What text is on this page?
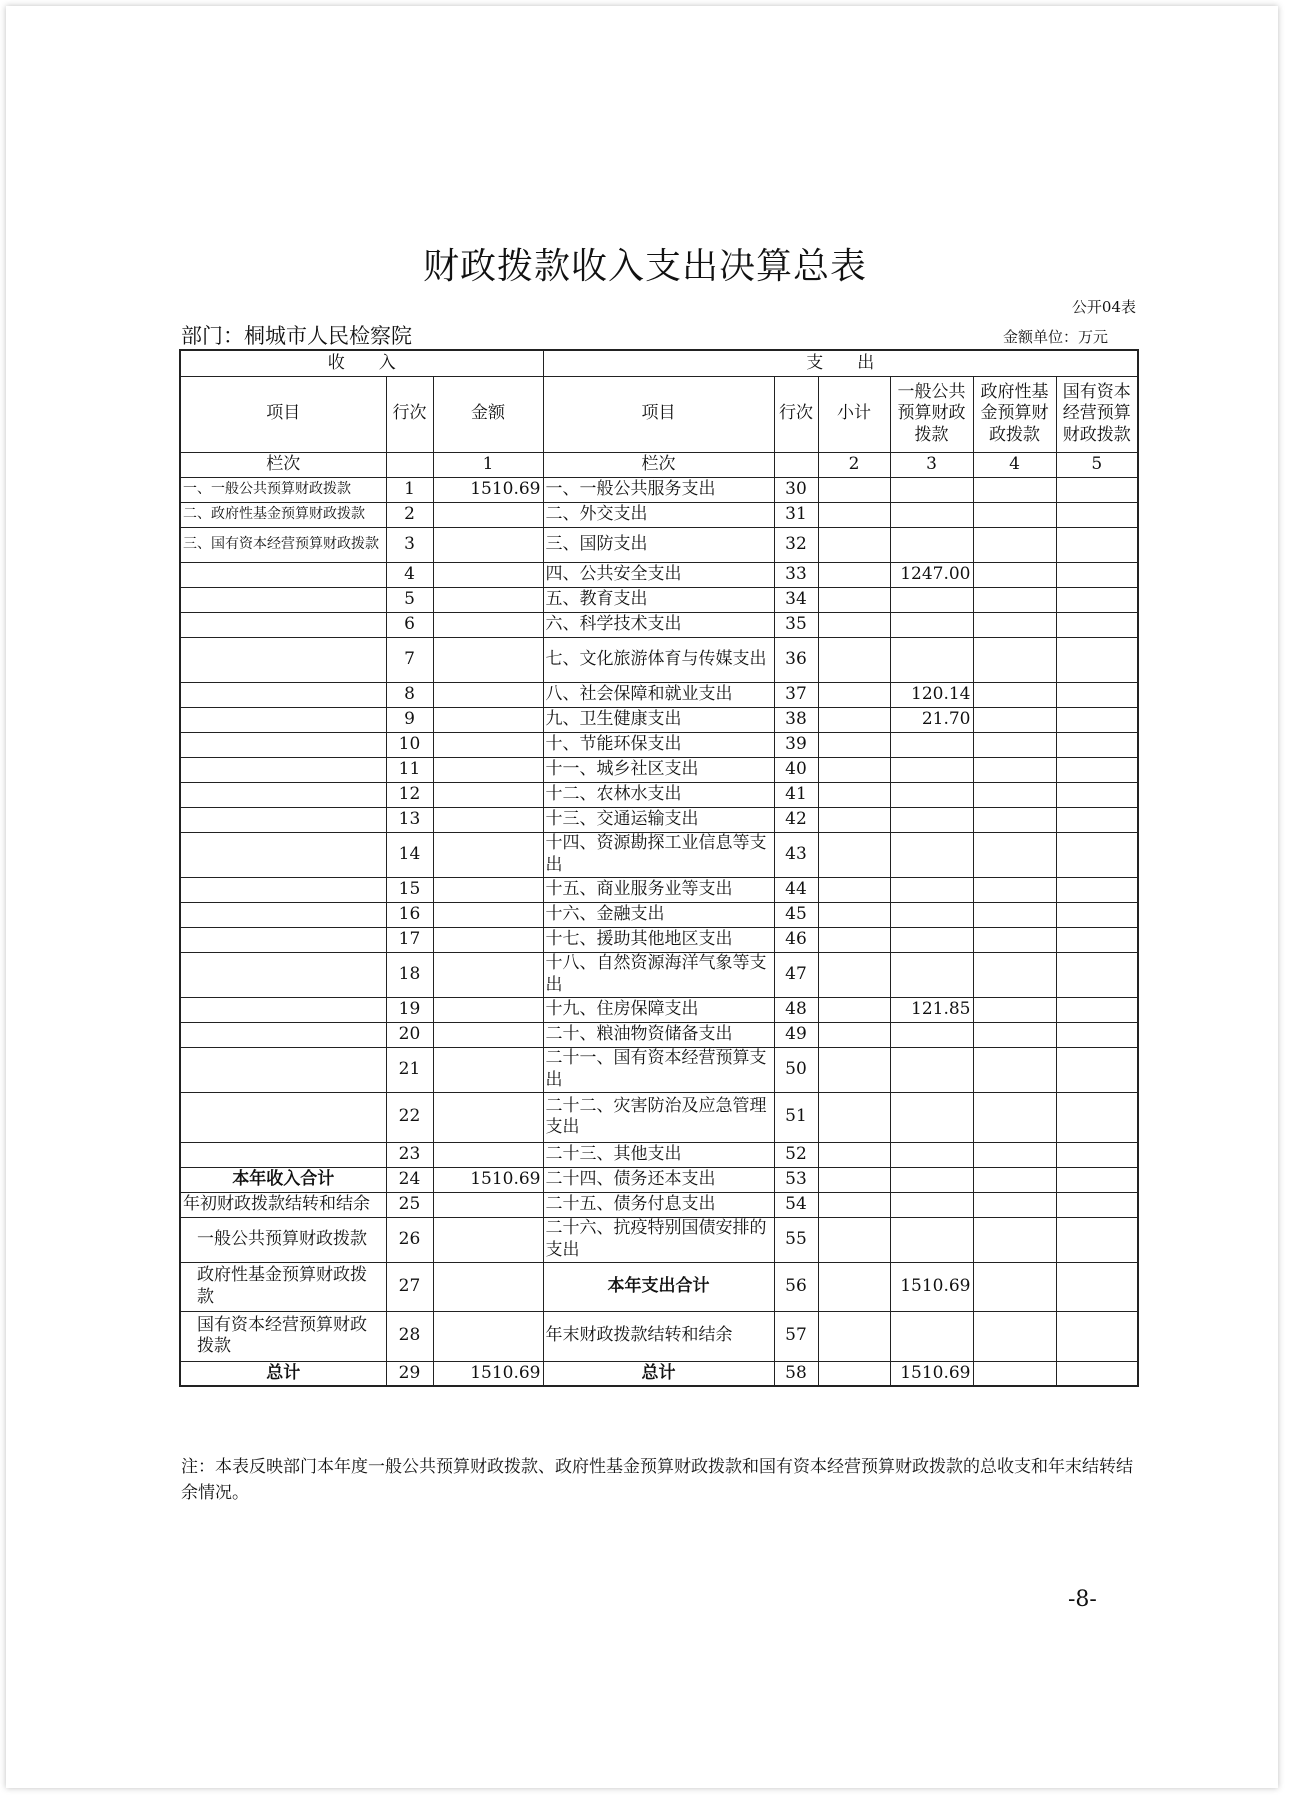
财政拨款收入支出决算总表
公开04表
部门：桐城市人民检察院	金额单位：万元
收　　入			支　　出					
项目	行次	金额	项目	行次	小计	一般公共预算财政拨款	政府性基金预算财政拨款	国有资本经营预算财政拨款
栏次		1	栏次		2	3	4	5
一、一般公共预算财政拨款	1	1510.69	一、一般公共服务支出	30				
二、政府性基金预算财政拨款	2		二、外交支出	31				
三、国有资本经营预算财政拨款	3		三、国防支出	32				
	4		四、公共安全支出	33		1247.00		
	5		五、教育支出	34				
	6		六、科学技术支出	35				
	7		七、文化旅游体育与传媒支出	36				
	8		八、社会保障和就业支出	37		120.14		
	9		九、卫生健康支出	38		21.70		
	10		十、节能环保支出	39				
	11		十一、城乡社区支出	40				
	12		十二、农林水支出	41				
	13		十三、交通运输支出	42				
	14		十四、资源勘探工业信息等支出	43				
	15		十五、商业服务业等支出	44				
	16		十六、金融支出	45				
	17		十七、援助其他地区支出	46				
	18		十八、自然资源海洋气象等支出	47				
	19		十九、住房保障支出	48		121.85		
	20		二十、粮油物资储备支出	49				
	21		二十一、国有资本经营预算支出	50				
	22		二十二、灾害防治及应急管理支出	51				
	23		二十三、其他支出	52				
本年收入合计	24	1510.69	二十四、债务还本支出	53				
年初财政拨款结转和结余	25		二十五、债务付息支出	54				
一般公共预算财政拨款	26		二十六、抗疫特别国债安排的支出	55				
政府性基金预算财政拨款	27		本年支出合计	56		1510.69		
国有资本经营预算财政拨款	28		年末财政拨款结转和结余	57				
总计	29	1510.69	总计	58		1510.69		
注：本表反映部门本年度一般公共预算财政拨款、政府性基金预算财政拨款和国有资本经营预算财政拨款的总收支和年末结转结余情况。
-8-
